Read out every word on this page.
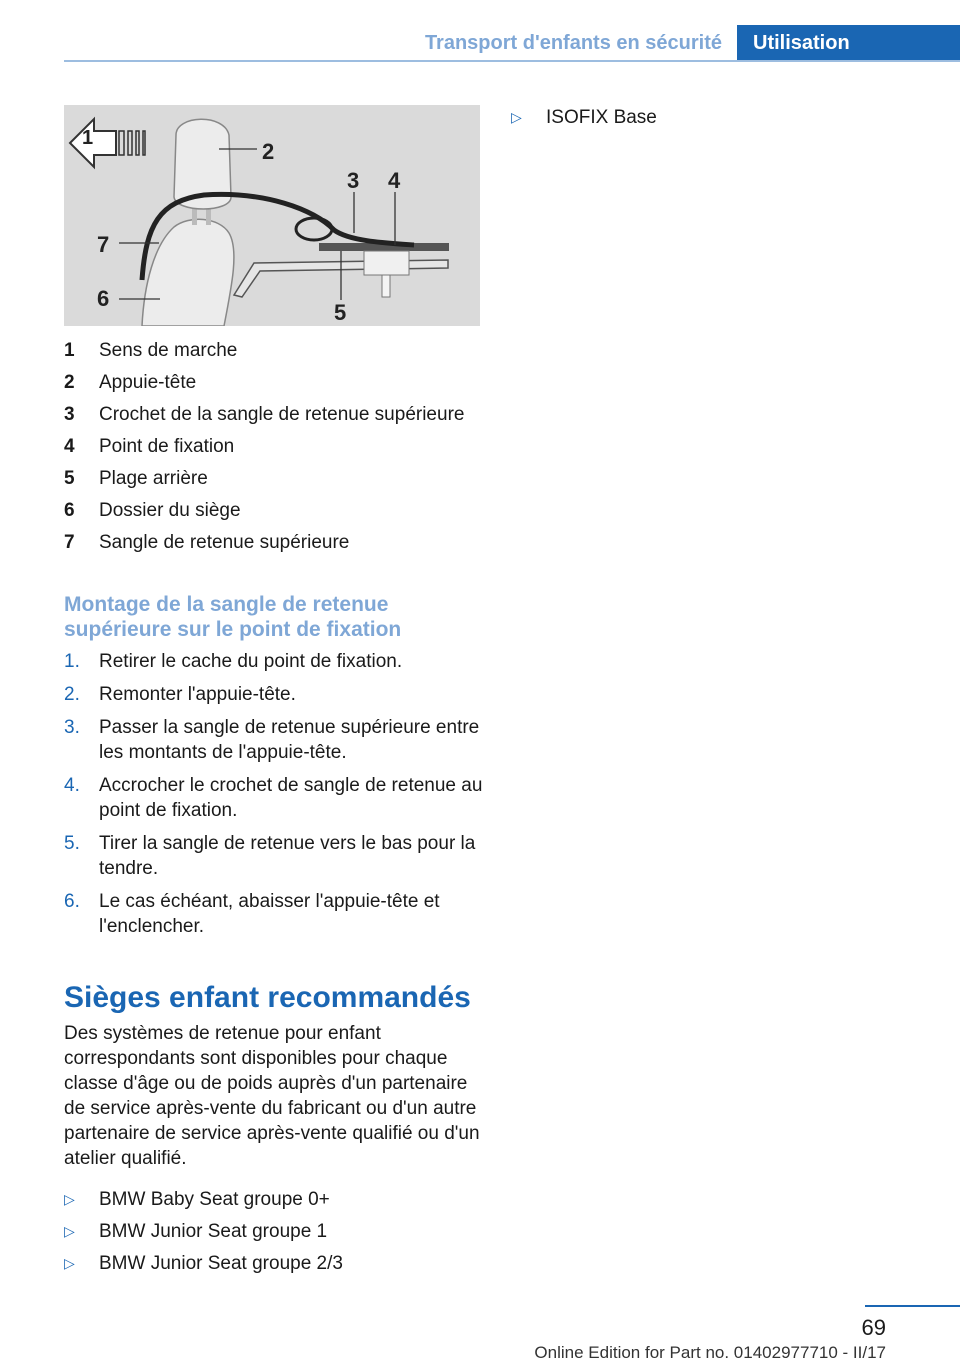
Transport d'enfants en sécurité	Utilisation
1
2
3 4
5
6
7
1	Sens de marche
2	Appuie-tête
3	Crochet de la sangle de retenue supérieure
4	Point de fixation
5	Plage arrière
6	Dossier du siège
7	Sangle de retenue supérieure
Montage de la sangle de retenue supérieure sur le point de fixation
1.	Retirer le cache du point de fixation.
2.	Remonter l'appuie-tête.
3.	Passer la sangle de retenue supérieure entre les montants de l'appuie-tête.
4.	Accrocher le crochet de sangle de retenue au point de fixation.
5.	Tirer la sangle de retenue vers le bas pour la tendre.
6.	Le cas échéant, abaisser l'appuie-tête et l'enclencher.
Sièges enfant recommandés
Des systèmes de retenue pour enfant correspondants sont disponibles pour chaque classe d'âge ou de poids auprès d'un partenaire de service après-vente du fabricant ou d'un autre partenaire de service après-vente qualifié ou d'un atelier qualifié.
▷	BMW Baby Seat groupe 0+
▷	BMW Junior Seat groupe 1
▷	BMW Junior Seat groupe 2/3
▷	ISOFIX Base
69
Online Edition for Part no. 01402977710 - II/17
